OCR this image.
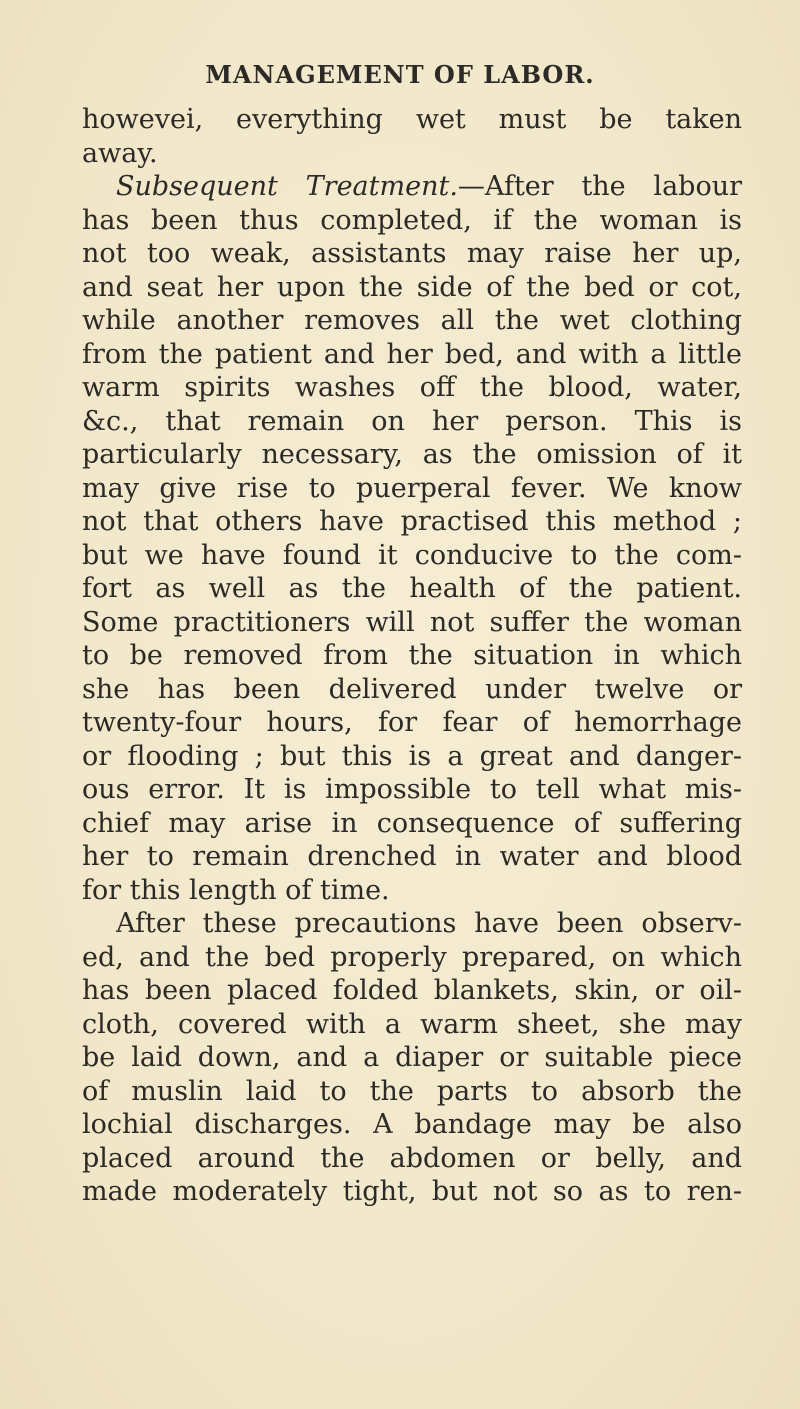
MANAGEMENT OF LABOR.
howevei, everything wet must be taken
away.
Subsequent Treatment.—After the labour
has been thus completed, if the woman is
not too weak, assistants may raise her up,
and seat her upon the side of the bed or cot,
while another removes all the wet clothing
from the patient and her bed, and with a little
warm spirits washes off the blood, water,
&c., that remain on her person. This is
particularly necessary, as the omission of it
may give rise to puerperal fever. We know
not that others have practised this method ;
but we have found it conducive to the com-
fort as well as the health of the patient.
Some practitioners will not suffer the woman
to be removed from the situation in which
she has been delivered under twelve or
twenty-four hours, for fear of hemorrhage
or flooding ; but this is a great and danger-
ous error. It is impossible to tell what mis-
chief may arise in consequence of suffering
her to remain drenched in water and blood
for this length of time.
After these precautions have been observ-
ed, and the bed properly prepared, on which
has been placed folded blankets, skin, or oil-
cloth, covered with a warm sheet, she may
be laid down, and a diaper or suitable piece
of muslin laid to the parts to absorb the
lochial discharges. A bandage may be also
placed around the abdomen or belly, and
made moderately tight, but not so as to ren-
